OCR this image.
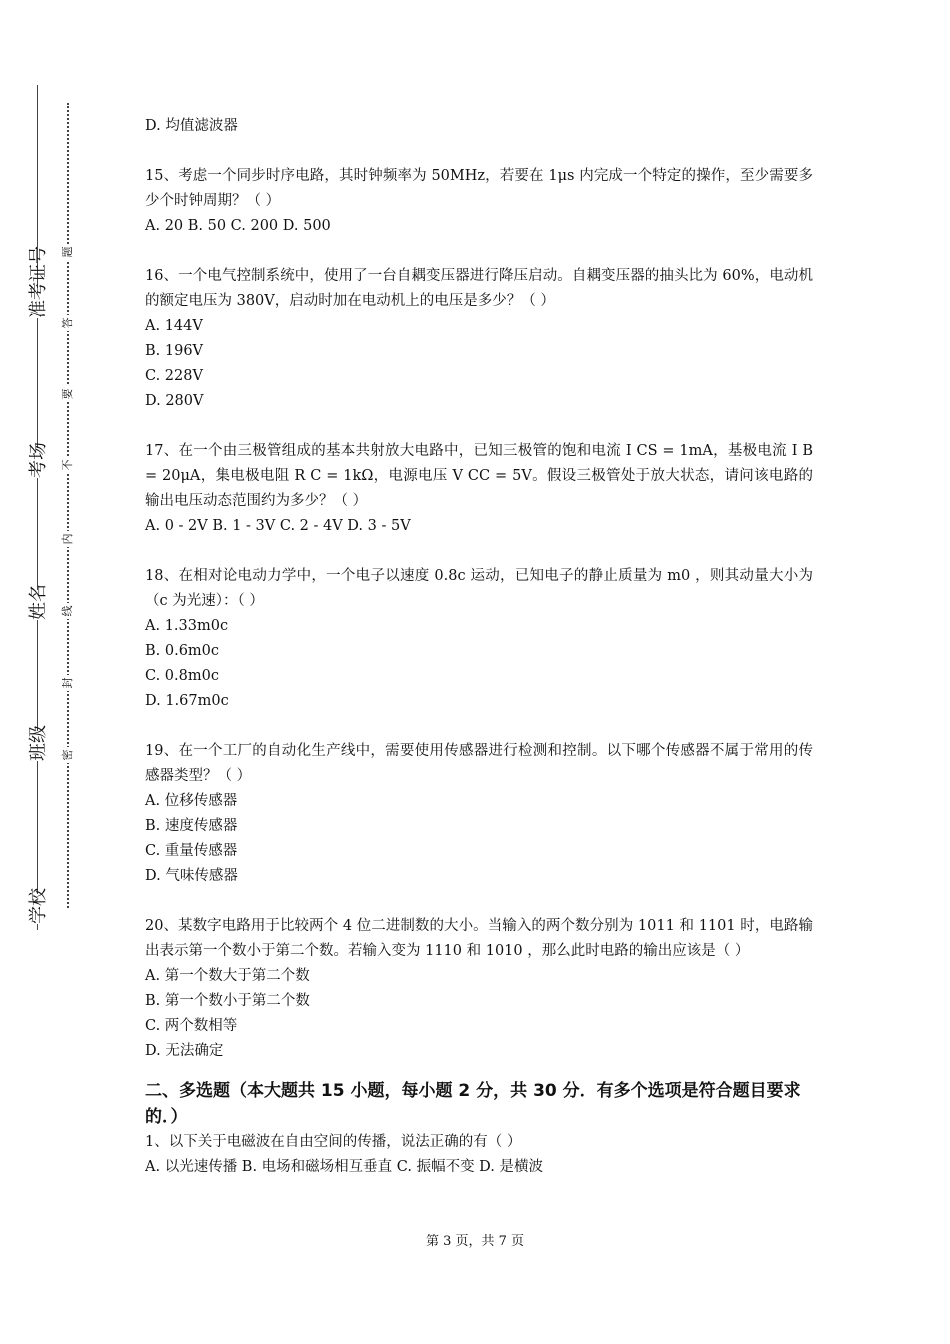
准考证号
考场
姓名
班级
学校
题
答
要
不
内
线
封
密

D. 均值滤波器

15、考虑一个同步时序电路，其时钟频率为 50MHz，若要在 1μs 内完成一个特定的操作，至少需要多少个时钟周期？（ ）

A. 20 B. 50 C. 200 D. 500

16、一个电气控制系统中，使用了一台自耦变压器进行降压启动。自耦变压器的抽头比为 60%，电动机的额定电压为 380V，启动时加在电动机上的电压是多少？（ ）

A. 144V

B. 196V

C. 228V

D. 280V

17、在一个由三极管组成的基本共射放大电路中，已知三极管的饱和电流 I CS = 1mA，基极电流 I B = 20μA，集电极电阻 R C = 1kΩ，电源电压 V CC = 5V。假设三极管处于放大状态，请问该电路的输出电压动态范围约为多少？（ ）

A. 0 - 2V B. 1 - 3V C. 2 - 4V D. 3 - 5V

18、在相对论电动力学中，一个电子以速度 0.8c 运动，已知电子的静止质量为 m0 ，则其动量大小为（c 为光速）：（ ）

A. 1.33m0c

B. 0.6m0c

C. 0.8m0c

D. 1.67m0c

19、在一个工厂的自动化生产线中，需要使用传感器进行检测和控制。以下哪个传感器不属于常用的传感器类型？（ ）

A. 位移传感器

B. 速度传感器

C. 重量传感器

D. 气味传感器

20、某数字电路用于比较两个 4 位二进制数的大小。当输入的两个数分别为 1011 和 1101 时，电路输出表示第一个数小于第二个数。若输入变为 1110 和 1010 ，那么此时电路的输出应该是（ ）

A. 第一个数大于第二个数

B. 第一个数小于第二个数

C. 两个数相等

D. 无法确定

二、多选题（本大题共 15 小题，每小题 2 分，共 30 分．有多个选项是符合题目要求的．）

1、以下关于电磁波在自由空间的传播，说法正确的有（ ）

A. 以光速传播 B. 电场和磁场相互垂直 C. 振幅不变 D. 是横波

第 3 页，共 7 页
